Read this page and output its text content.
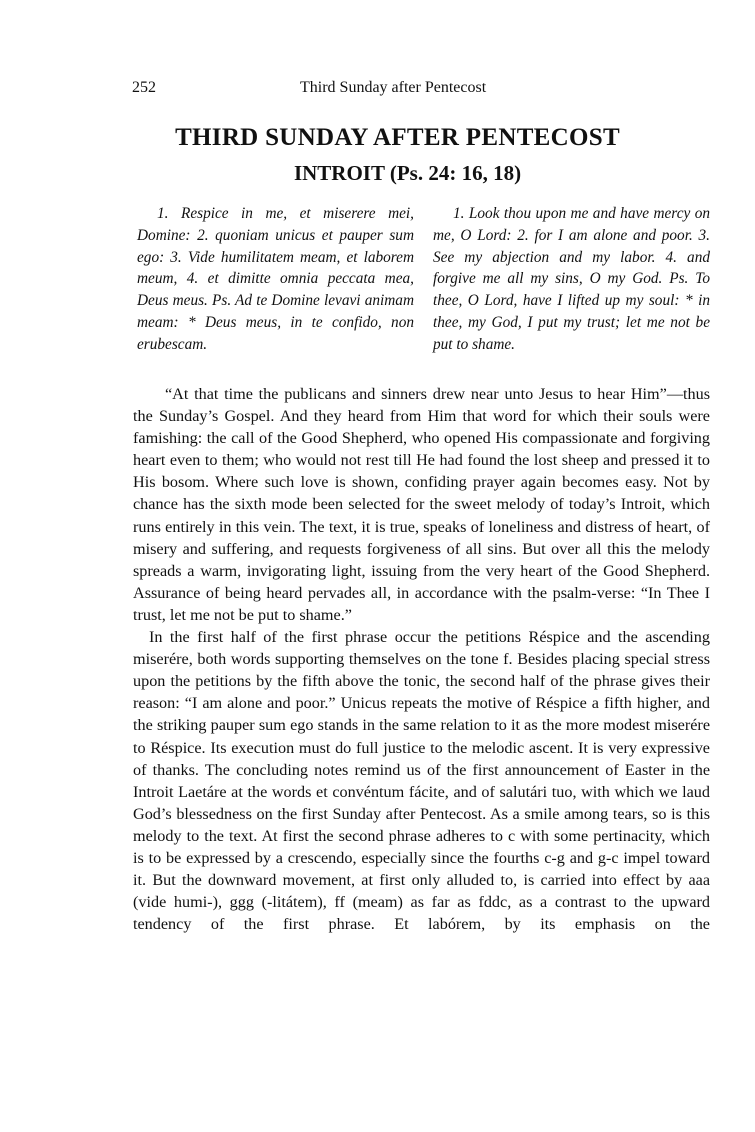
252	Third Sunday after Pentecost
THIRD SUNDAY AFTER PENTECOST
INTROIT (Ps. 24: 16, 18)

1. Respice in me, et miserere mei, Domine: 2. quoniam unicus et pauper sum ego: 3. Vide humilitatem meam, et laborem meum, 4. et dimitte omnia peccata mea, Deus meus. Ps. Ad te Domine levavi animam meam: * Deus meus, in te confido, non erubescam.

1. Look thou upon me and have mercy on me, O Lord: 2. for I am alone and poor. 3. See my abjection and my labor. 4. and forgive me all my sins, O my God. Ps. To thee, O Lord, have I lifted up my soul: * in thee, my God, I put my trust; let me not be put to shame.

“At that time the publicans and sinners drew near unto Jesus to hear Him”—thus the Sunday’s Gospel. And they heard from Him that word for which their souls were famishing: the call of the Good Shepherd, who opened His compassionate and forgiving heart even to them; who would not rest till He had found the lost sheep and pressed it to His bosom. Where such love is shown, confiding prayer again becomes easy. Not by chance has the sixth mode been selected for the sweet melody of today’s Introit, which runs entirely in this vein. The text, it is true, speaks of loneliness and distress of heart, of misery and suffering, and requests forgiveness of all sins. But over all this the melody spreads a warm, invigorating light, issuing from the very heart of the Good Shepherd. Assurance of being heard pervades all, in accordance with the psalm-verse: “In Thee I trust, let me not be put to shame.”

In the first half of the first phrase occur the petitions Réspice and the ascending miserére, both words supporting themselves on the tone f. Besides placing special stress upon the petitions by the fifth above the tonic, the second half of the phrase gives their reason: “I am alone and poor.” Unicus repeats the motive of Réspice a fifth higher, and the striking pauper sum ego stands in the same relation to it as the more modest miserére to Réspice. Its execution must do full justice to the melodic ascent. It is very expressive of thanks. The concluding notes remind us of the first announcement of Easter in the Introit Laetáre at the words et convéntum fácite, and of salutári tuo, with which we laud God’s blessedness on the first Sunday after Pentecost. As a smile among tears, so is this melody to the text. At first the second phrase adheres to c with some pertinacity, which is to be expressed by a crescendo, especially since the fourths c-g and g-c impel toward it. But the downward movement, at first only alluded to, is carried into effect by aaa (vide humi-), ggg (-litátem), ff (meam) as far as fddc, as a contrast to the upward tendency of the first phrase. Et labórem, by its emphasis on the
